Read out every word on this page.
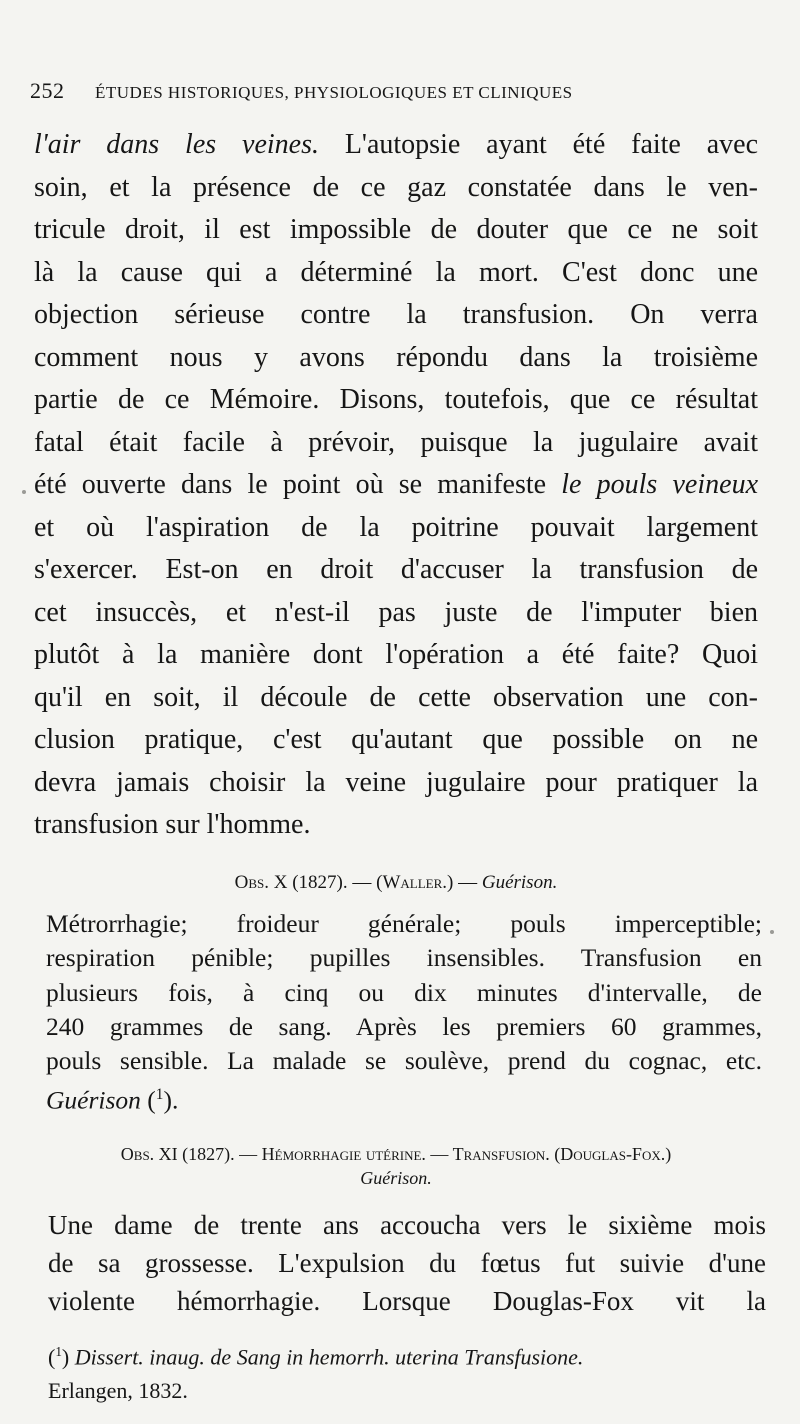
252 ÉTUDES HISTORIQUES, PHYSIOLOGIQUES ET CLINIQUES
l'air dans les veines. L'autopsie ayant été faite avec
soin, et la présence de ce gaz constatée dans le ven-
tricule droit, il est impossible de douter que ce ne soit
là la cause qui a déterminé la mort. C'est donc une
objection sérieuse contre la transfusion. On verra
comment nous y avons répondu dans la troisième
partie de ce Mémoire. Disons, toutefois, que ce résultat
fatal était facile à prévoir, puisque la jugulaire avait
été ouverte dans le point où se manifeste le pouls veineux
et où l'aspiration de la poitrine pouvait largement
s'exercer. Est-on en droit d'accuser la transfusion de
cet insuccès, et n'est-il pas juste de l'imputer bien
plutôt à la manière dont l'opération a été faite? Quoi
qu'il en soit, il découle de cette observation une con-
clusion pratique, c'est qu'autant que possible on ne
devra jamais choisir la veine jugulaire pour pratiquer la
transfusion sur l'homme.
Obs. X (1827). — (Waller.) — Guérison.
Métrorrhagie; froideur générale; pouls imperceptible;
respiration pénible; pupilles insensibles. Transfusion en
plusieurs fois, à cinq ou dix minutes d'intervalle, de
240 grammes de sang. Après les premiers 60 grammes,
pouls sensible. La malade se soulève, prend du cognac, etc.
Guérison ($^1$).
Obs. XI (1827). — Hémorrhagie utérine. — Transfusion. (Douglas-Fox.)
Guérison.
Une dame de trente ans accoucha vers le sixième mois
de sa grossesse. L'expulsion du fœtus fut suivie d'une
violente hémorrhagie. Lorsque Douglas-Fox vit la
($^1$) Dissert. inaug. de Sang in hemorrh. uterina Transfusione.
Erlangen, 1832.
